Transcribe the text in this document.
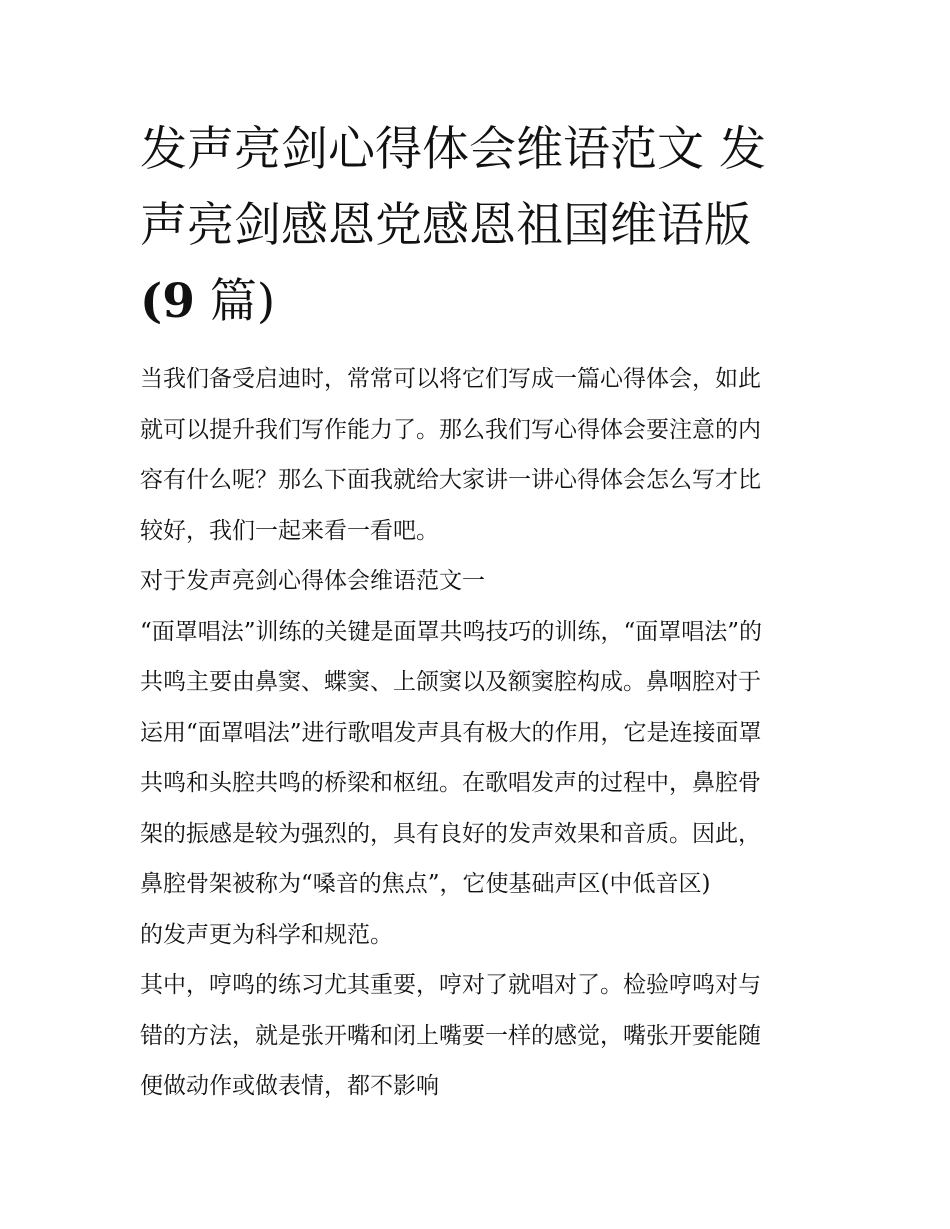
发声亮剑心得体会维语范文 发
声亮剑感恩党感恩祖国维语版
(9 篇)
当我们备受启迪时，常常可以将它们写成一篇心得体会，如此
就可以提升我们写作能力了。那么我们写心得体会要注意的内
容有什么呢？那么下面我就给大家讲一讲心得体会怎么写才比
较好，我们一起来看一看吧。
对于发声亮剑心得体会维语范文一
“面罩唱法”训练的关键是面罩共鸣技巧的训练，“面罩唱法”的
共鸣主要由鼻窦、蝶窦、上颌窦以及额窦腔构成。鼻咽腔对于
运用“面罩唱法”进行歌唱发声具有极大的作用，它是连接面罩
共鸣和头腔共鸣的桥梁和枢纽。在歌唱发声的过程中，鼻腔骨
架的振感是较为强烈的，具有良好的发声效果和音质。因此，
鼻腔骨架被称为“嗓音的焦点”，它使基础声区(中低音区)
的发声更为科学和规范。
其中，哼鸣的练习尤其重要，哼对了就唱对了。检验哼鸣对与
错的方法，就是张开嘴和闭上嘴要一样的感觉，嘴张开要能随
便做动作或做表情，都不影响
